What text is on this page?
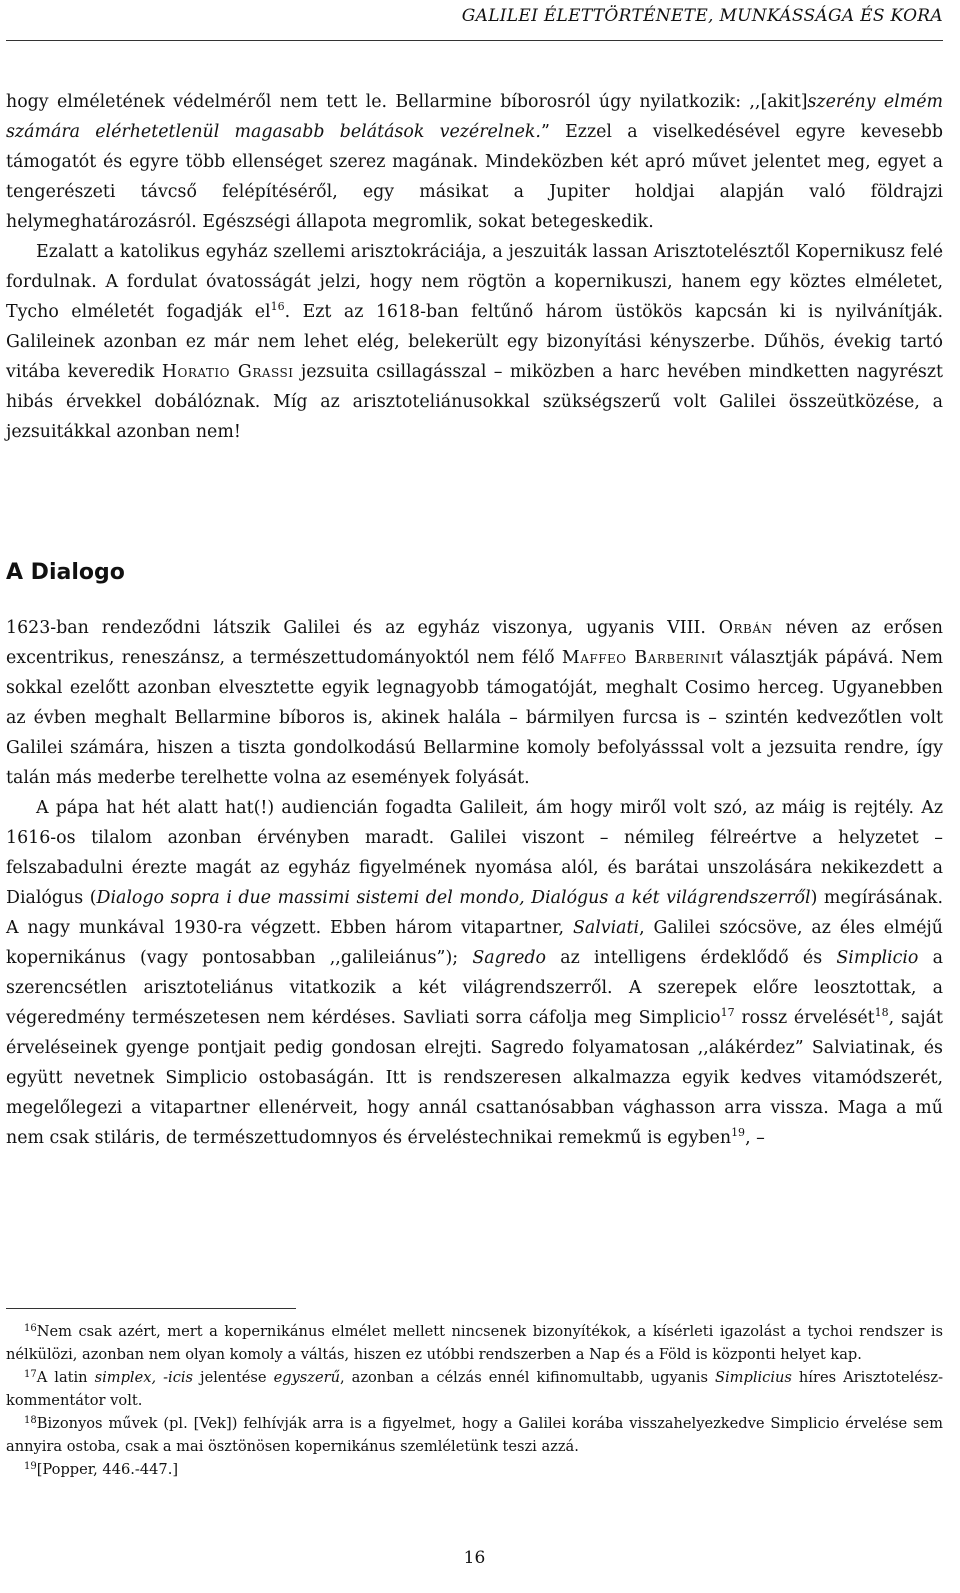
GALILEI ÉLETTÖRTÉNETE, MUNKÁSSÁGA ÉS KORA

hogy elméletének védelméről nem tett le. Bellarmine bíborosról úgy nyilatkozik: ,,[akit]szerény elmém számára elérhetetlenül magasabb belátások vezérelnek.” Ezzel a viselkedésével egyre kevesebb támogatót és egyre több ellenséget szerez magának. Mindeközben két apró művet jelentet meg, egyet a tengerészeti távcső felépítéséről, egy másikat a Jupiter holdjai alapján való földrajzi helymeghatározásról. Egészségi állapota megromlik, sokat betegeskedik.

Ezalatt a katolikus egyház szellemi arisztokráciája, a jeszuiták lassan Arisztotelésztől Kopernikusz felé fordulnak. A fordulat óvatosságát jelzi, hogy nem rögtön a kopernikuszi, hanem egy köztes elméletet, Tycho elméletét fogadják $el^{16}$. Ezt az 1618-ban feltűnő három üstökös kapcsán ki is nyilvánítják. Galileinek azonban ez már nem lehet elég, belekerült egy bizonyítási kényszerbe. Dűhös, évekig tartó vitába keveredik Horatio Grassi jezsuita csillagásszal – miközben a harc hevében mindketten nagyrészt hibás érvekkel dobálóznak. Míg az arisztoteliánusokkal szükségszerű volt Galilei összeütközése, a jezsuitákkal azonban nem!

A Dialogo

1623-ban rendeződni látszik Galilei és az egyház viszonya, ugyanis VIII. Orbán néven az erősen excentrikus, reneszánsz, a természettudományoktól nem félő Maffeo Barberinit választják pápává. Nem sokkal ezelőtt azonban elvesztette egyik legnagyobb támogatóját, meghalt Cosimo herceg. Ugyanebben az évben meghalt Bellarmine bíboros is, akinek halála – bármilyen furcsa is – szintén kedvezőtlen volt Galilei számára, hiszen a tiszta gondolkodású Bellarmine komoly befolyásssal volt a jezsuita rendre, így talán más mederbe terelhette volna az események folyását.

A pápa hat hét alatt hat(!) audiencián fogadta Galileit, ám hogy miről volt szó, az máig is rejtély. Az 1616-os tilalom azonban érvényben maradt. Galilei viszont – némileg félreértve a helyzetet – felszabadulni érezte magát az egyház figyelmének nyomása alól, és barátai unszolására nekikezdett a Dialógus (Dialogo sopra i due massimi sistemi del mondo, Dialógus a két világrendszerről) megírásának. A nagy munkával 1930-ra végzett. Ebben három vitapartner, Salviati, Galilei szócsöve, az éles elméjű kopernikánus (vagy pontosabban ,,galileiánus”); Sagredo az intelligens érdeklődő és Simplicio a szerencsétlen arisztoteliánus vitatkozik a két világrendszerről. A szerepek előre leosztottak, a végeredmény természetesen nem kérdéses. Savliati sorra cáfolja meg Simplicio$^{17}$ rossz érvelését$^{18}$, saját érveléseinek gyenge pontjait pedig gondosan elrejti. Sagredo folyamatosan ,,alákérdez” Salviatinak, és együtt nevetnek Simplicio ostobaságán. Itt is rendszeresen alkalmazza egyik kedves vitamódszerét, megelőlegezi a vitapartner ellenérveit, hogy annál csattanósabban vághasson arra vissza. Maga a mű nem csak stiláris, de természettudomnyos és érveléstechnikai remekmű is egyben$^{19}$, –

$^{16}$Nem csak azért, mert a kopernikánus elmélet mellett nincsenek bizonyítékok, a kísérleti igazolást a tychoi rendszer is nélkülözi, azonban nem olyan komoly a váltás, hiszen ez utóbbi rendszerben a Nap és a Föld is központi helyet kap.

$^{17}$A latin simplex, -icis jelentése egyszerű, azonban a célzás ennél kifinomultabb, ugyanis Simplicius híres Arisztotelész-kommentátor volt.

$^{18}$Bizonyos művek (pl. [Vek]) felhívják arra is a figyelmet, hogy a Galilei korába visszahelyezkedve Simplicio érvelése sem annyira ostoba, csak a mai ösztönösen kopernikánus szemléletünk teszi azzá.

$^{19}$[Popper, 446.-447.]

16
